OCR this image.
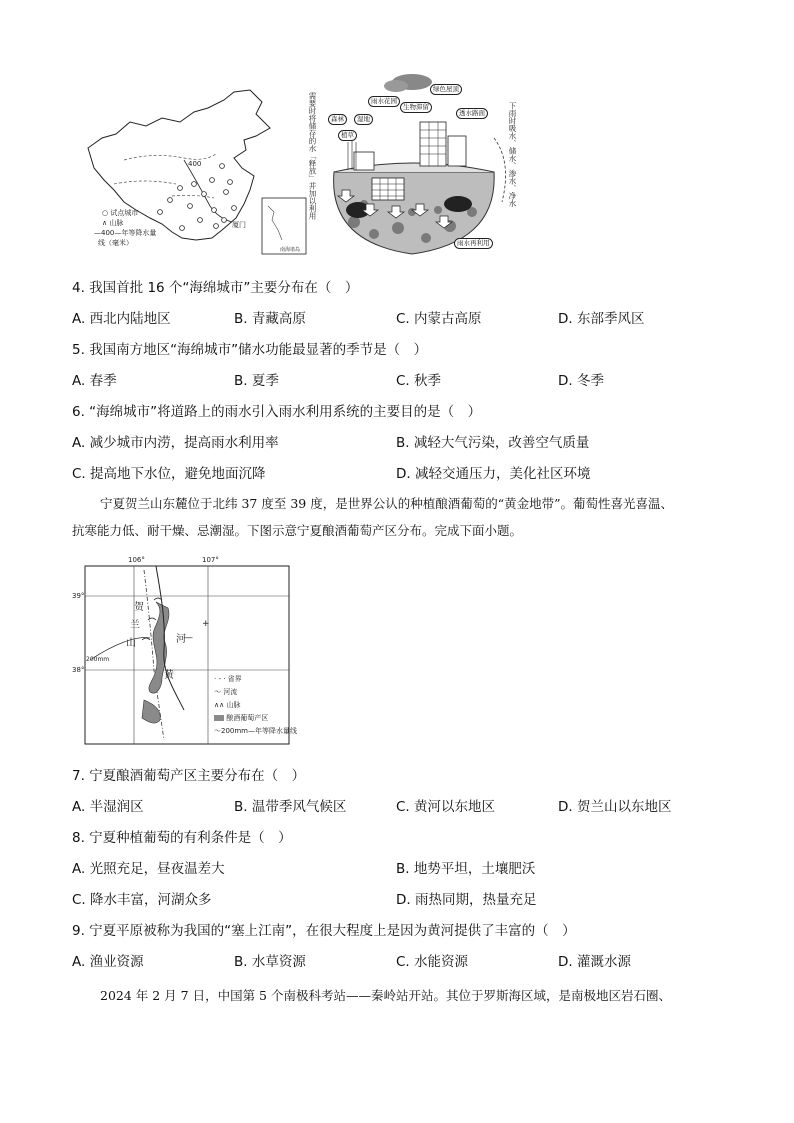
400
厦门
南海诸岛
○ 试点城市
∧ 山脉
—400—年等降水量
线（毫米）
需要时将储存的水「释放」并加以利用
绿色屋顶
雨水花园
生物滞留
透水路面
森林	湿地
植草
雨水再利用
下雨时吸水、储水、渗水、净水
4. 我国首批 16 个“海绵城市”主要分布在（　）
A. 西北内陆地区	B. 青藏高原	C. 内蒙古高原	D. 东部季风区
5. 我国南方地区“海绵城市”储水功能最显著的季节是（　）
A. 春季	B. 夏季	C. 秋季	D. 冬季
6. “海绵城市”将道路上的雨水引入雨水利用系统的主要目的是（　）
A. 减少城市内涝，提高雨水利用率	B. 减轻大气污染，改善空气质量
C. 提高地下水位，避免地面沉降	D. 减轻交通压力，美化社区环境
宁夏贺兰山东麓位于北纬 37 度至 39 度，是世界公认的种植酿酒葡萄的“黄金地带”。葡萄性喜光喜温、
抗寒能力低、耐干燥、忌潮湿。下图示意宁夏酿酒葡萄产区分布。完成下面小题。
—
+
106°	107°
39°
38°
贺
兰
山	河
黄
200mm
· - · 省界
～ 河流
∧∧ 山脉
酿酒葡萄产区
～200mm—年等降水量线
7. 宁夏酿酒葡萄产区主要分布在（　）
A. 半湿润区	B. 温带季风气候区	C. 黄河以东地区	D. 贺兰山以东地区
8. 宁夏种植葡萄的有利条件是（　）
A. 光照充足，昼夜温差大	B. 地势平坦，土壤肥沃
C. 降水丰富，河湖众多	D. 雨热同期，热量充足
9. 宁夏平原被称为我国的“塞上江南”，在很大程度上是因为黄河提供了丰富的（　）
A. 渔业资源	B. 水草资源	C. 水能资源	D. 灌溉水源
2024 年 2 月 7 日，中国第 5 个南极科考站——秦岭站开站。其位于罗斯海区域，是南极地区岩石圈、
